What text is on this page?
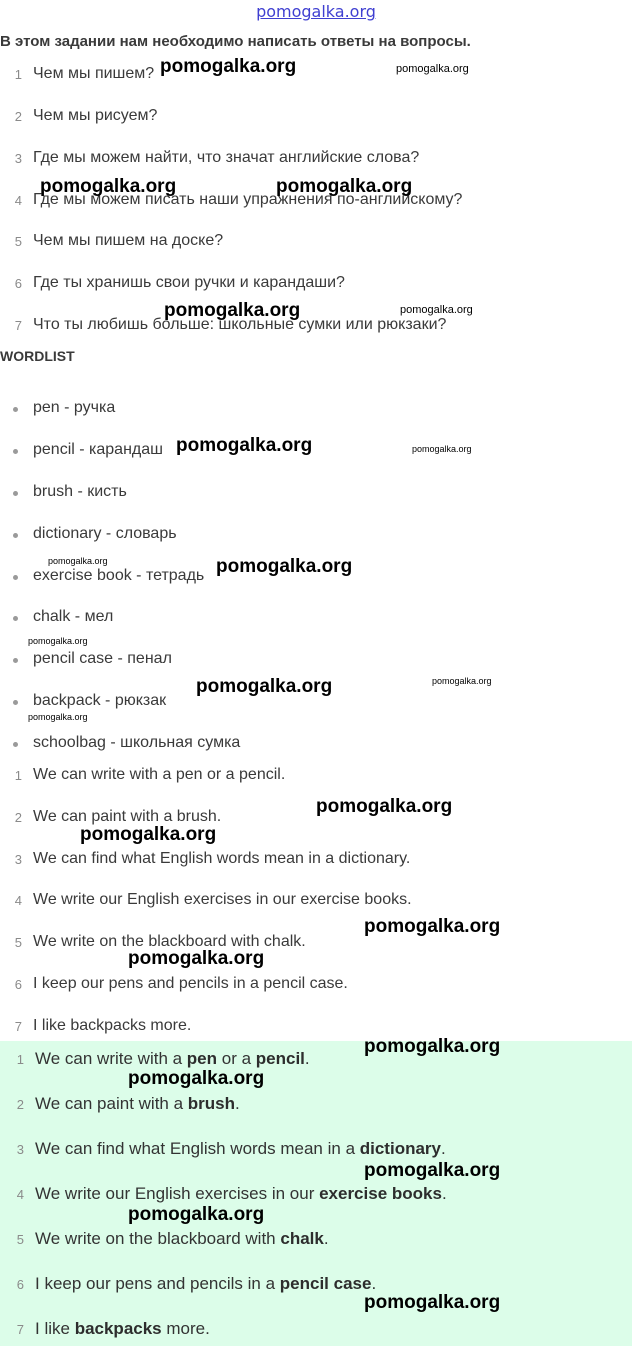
pomogalka.org
В этом задании нам необходимо написать ответы на вопросы.
1 Чем мы пишем?
2 Чем мы рисуем?
3 Где мы можем найти, что значат английские слова?
4 Где мы можем писать наши упражнения по-английскому?
5 Чем мы пишем на доске?
6 Где ты хранишь свои ручки и карандаши?
7 Что ты любишь больше: школьные сумки или рюкзаки?
WORDLIST
pen - ручка
pencil - карандаш
brush - кисть
dictionary - словарь
exercise book - тетрадь
chalk - мел
pencil case - пенал
backpack - рюкзак
schoolbag - школьная сумка
1 We can write with a pen or a pencil.
2 We can paint with a brush.
3 We can find what English words mean in a dictionary.
4 We write our English exercises in our exercise books.
5 We write on the blackboard with chalk.
6 I keep our pens and pencils in a pencil case.
7 I like backpacks more.
1 We can write with a pen or a pencil.
2 We can paint with a brush.
3 We can find what English words mean in a dictionary.
4 We write our English exercises in our exercise books.
5 We write on the blackboard with chalk.
6 I keep our pens and pencils in a pencil case.
7 I like backpacks more.
pomogalka.org	pomogalka.org
pomogalka.org	pomogalka.org
pomogalka.org	pomogalka.org
pomogalka.org	pomogalka.org
pomogalka.org	pomogalka.org
pomogalka.org
pomogalka.org	pomogalka.org
pomogalka.org
pomogalka.org
pomogalka.org
pomogalka.org
pomogalka.org
pomogalka.org
pomogalka.org
pomogalka.org
pomogalka.org
pomogalka.org
